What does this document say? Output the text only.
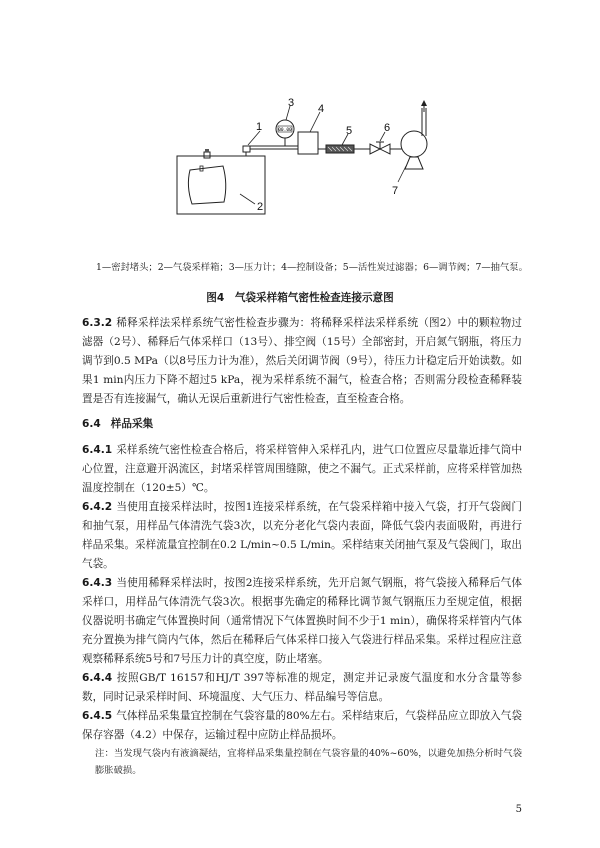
00.00
1
2
3 4
5	6
7
1—密封堵头；2—气袋采样箱；3—压力计；4—控制设备；5—活性炭过滤器；6—调节阀；7—抽气泵。
图4　气袋采样箱气密性检查连接示意图
6.3.2 稀释采样法采样系统气密性检查步骤为：将稀释采样法采样系统（图2）中的颗粒物过滤器（2号）、稀释后气体采样口（13号）、排空阀（15号）全部密封，开启氮气钢瓶，将压力调节到0.5 MPa（以8号压力计为准），然后关闭调节阀（9号），待压力计稳定后开始读数。如果1 min内压力下降不超过5 kPa，视为采样系统不漏气，检查合格；否则需分段检查稀释装置是否有连接漏气，确认无误后重新进行气密性检查，直至检查合格。
6.4 样品采集
6.4.1 采样系统气密性检查合格后，将采样管伸入采样孔内，进气口位置应尽量靠近排气筒中心位置，注意避开涡流区，封堵采样管周围缝隙，使之不漏气。正式采样前，应将采样管加热温度控制在（120±5）℃。
6.4.2 当使用直接采样法时，按图1连接采样系统，在气袋采样箱中接入气袋，打开气袋阀门和抽气泵，用样品气体清洗气袋3次，以充分老化气袋内表面，降低气袋内表面吸附，再进行样品采集。采样流量宜控制在0.2 L/min~0.5 L/min。采样结束关闭抽气泵及气袋阀门，取出气袋。
6.4.3 当使用稀释采样法时，按图2连接采样系统，先开启氮气钢瓶，将气袋接入稀释后气体采样口，用样品气体清洗气袋3次。根据事先确定的稀释比调节氮气钢瓶压力至规定值，根据仪器说明书确定气体置换时间（通常情况下气体置换时间不少于1 min），确保将采样管内气体充分置换为排气筒内气体，然后在稀释后气体采样口接入气袋进行样品采集。采样过程应注意观察稀释系统5号和7号压力计的真空度，防止堵塞。
6.4.4 按照GB/T 16157和HJ/T 397等标准的规定，测定并记录废气温度和水分含量等参数，同时记录采样时间、环境温度、大气压力、样品编号等信息。
6.4.5 气体样品采集量宜控制在气袋容量的80%左右。采样结束后，气袋样品应立即放入气袋保存容器（4.2）中保存，运输过程中应防止样品损坏。
注：当发现气袋内有液滴凝结，宜将样品采集量控制在气袋容量的40%~60%，以避免加热分析时气袋膨胀破损。
5
